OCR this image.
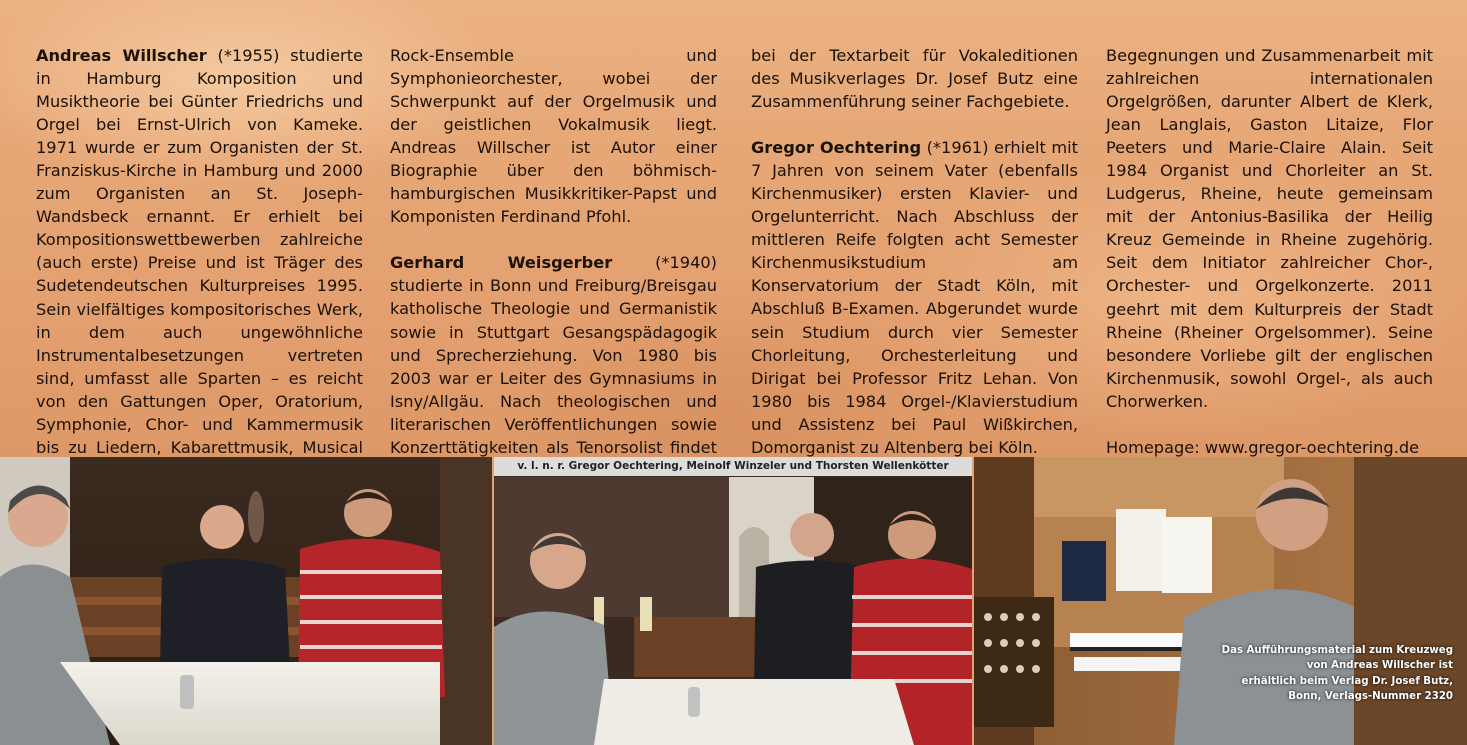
Andreas Willscher (*1955) studierte in Hamburg Komposition und Musiktheorie bei Günter Friedrichs und Orgel bei Ernst-Ulrich von Kameke. 1971 wurde er zum Organisten der St. Franziskus-Kirche in Hamburg und 2000 zum Organisten an St. Joseph-Wandsbeck ernannt. Er erhielt bei Kompositionswettbewerben zahlreiche (auch erste) Preise und ist Träger des Sudetendeutschen Kulturpreises 1995. Sein vielfältiges kompositorisches Werk, in dem auch ungewöhnliche Instrumentalbesetzungen vertreten sind, umfasst alle Sparten – es reicht von den Gattungen Oper, Oratorium, Symphonie, Chor- und Kammermusik bis zu Liedern, Kabarettmusik, Musical

Rock-Ensemble und Symphonieorchester, wobei der Schwerpunkt auf der Orgelmusik und der geistlichen Vokalmusik liegt. Andreas Willscher ist Autor einer Biographie über den böhmisch-hamburgischen Musikkritiker-Papst und Komponisten Ferdinand Pfohl.

Gerhard Weisgerber	(*1940) studierte in Bonn und Freiburg/Breisgau katholische Theologie und Germanistik sowie in Stuttgart Gesangspädagogik und Sprecherziehung. Von 1980 bis 2003 war er Leiter des Gymnasiums in Isny/Allgäu. Nach theologischen und literarischen Veröffentlichungen sowie Konzerttätigkeiten als Tenorsolist findet

bei der Textarbeit für Vokaleditionen des Musikverlages Dr. Josef Butz eine Zusammenführung seiner Fachgebiete.

Gregor Oechtering (*1961) erhielt mit 7 Jahren von seinem Vater (ebenfalls Kirchenmusiker) ersten Klavier- und Orgelunterricht. Nach Abschluss der mittleren Reife folgten acht Semester Kirchenmusikstudium am Konservatorium der Stadt Köln, mit Abschluß B-Examen. Abgerundet wurde sein Studium durch vier Semester Chorleitung, Orchesterleitung und Dirigat bei Professor Fritz Lehan. Von 1980 bis 1984 Orgel-/Klavierstudium und Assistenz bei Paul Wißkirchen, Domorganist zu Altenberg bei Köln.

Begegnungen und Zusammenarbeit mit zahlreichen internationalen Orgelgrößen, darunter Albert de Klerk, Jean Langlais, Gaston Litaize, Flor Peeters und Marie-Claire Alain. Seit 1984 Organist und Chorleiter an St. Ludgerus, Rheine, heute gemeinsam mit der Antonius-Basilika der Heilig Kreuz Gemeinde in Rheine zugehörig. Seit dem Initiator zahlreicher Chor-, Orchester- und Orgelkonzerte. 2011 geehrt mit dem Kulturpreis der Stadt Rheine (Rheiner Orgelsommer). Seine besondere Vorliebe gilt der englischen Kirchenmusik, sowohl Orgel-, als auch Chorwerken.

Homepage: www.gregor-oechtering.de

v. l. n. r. Gregor Oechtering, Meinolf Winzeler und Thorsten Wellenkötter
Das Aufführungsmaterial zum Kreuzweg
von Andreas Willscher ist
erhältlich beim Verlag Dr. Josef Butz,
Bonn, Verlags-Nummer 2320
